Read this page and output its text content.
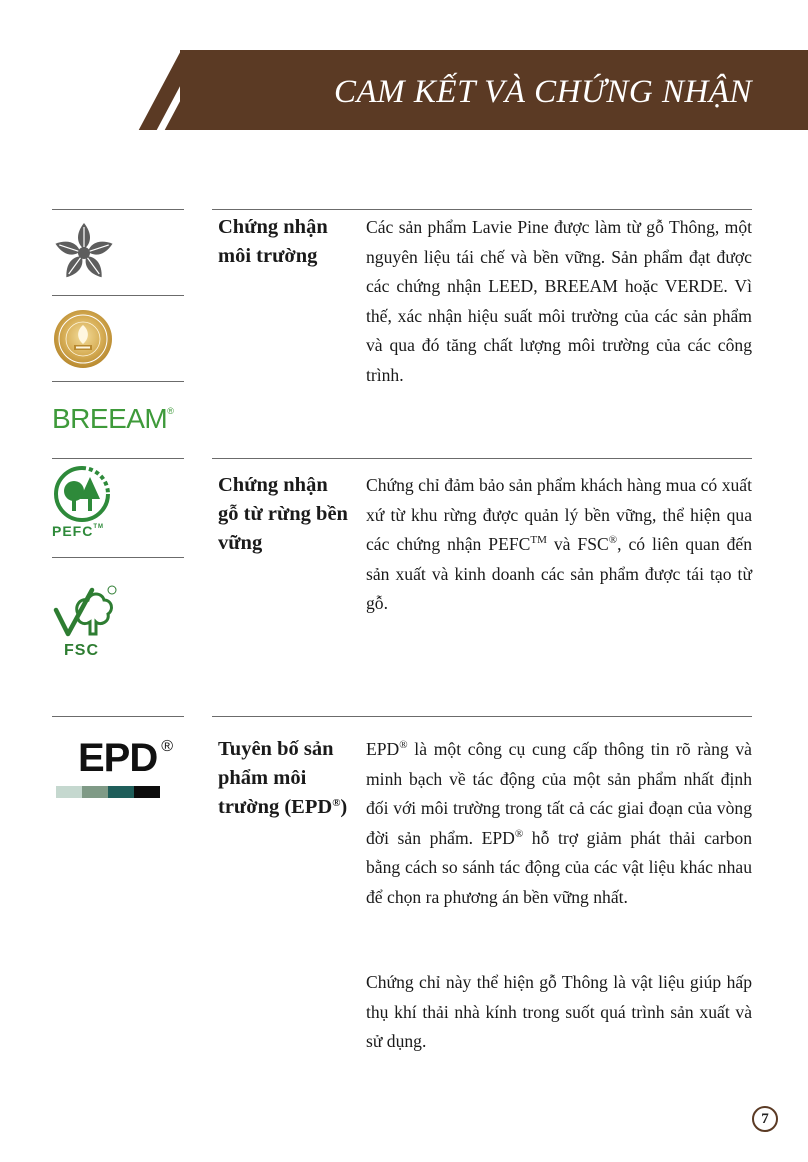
CAM KẾT VÀ CHỨNG NHẬN
BREEAM®
Chứng nhận môi trường

Các sản phẩm Lavie Pine được làm từ gỗ Thông, một nguyên liệu tái chế và bền vững. Sản phẩm đạt được các chứng nhận LEED, BREEAM hoặc VERDE. Vì thế, xác nhận hiệu suất môi trường của các sản phẩm và qua đó tăng chất lượng môi trường của các công trình.

PEFC™
FSC
Chứng nhận gỗ từ rừng bền vững

Chứng chỉ đảm bảo sản phẩm khách hàng mua có xuất xứ từ khu rừng được quản lý bền vững, thể hiện qua các chứng nhận PEFC™ và FSC®, có liên quan đến sản xuất và kinh doanh các sản phẩm được tái tạo từ gỗ.

EPD ® Tuyên bố sản phẩm môi trường (EPD®)

EPD® là một công cụ cung cấp thông tin rõ ràng và minh bạch về tác động của một sản phẩm nhất định đối với môi trường trong tất cả các giai đoạn của vòng đời sản phẩm. EPD® hỗ trợ giảm phát thải carbon bằng cách so sánh tác động của các vật liệu khác nhau để chọn ra phương án bền vững nhất.

Chứng chỉ này thể hiện gỗ Thông là vật liệu giúp hấp thụ khí thải nhà kính trong suốt quá trình sản xuất và sử dụng.

7
